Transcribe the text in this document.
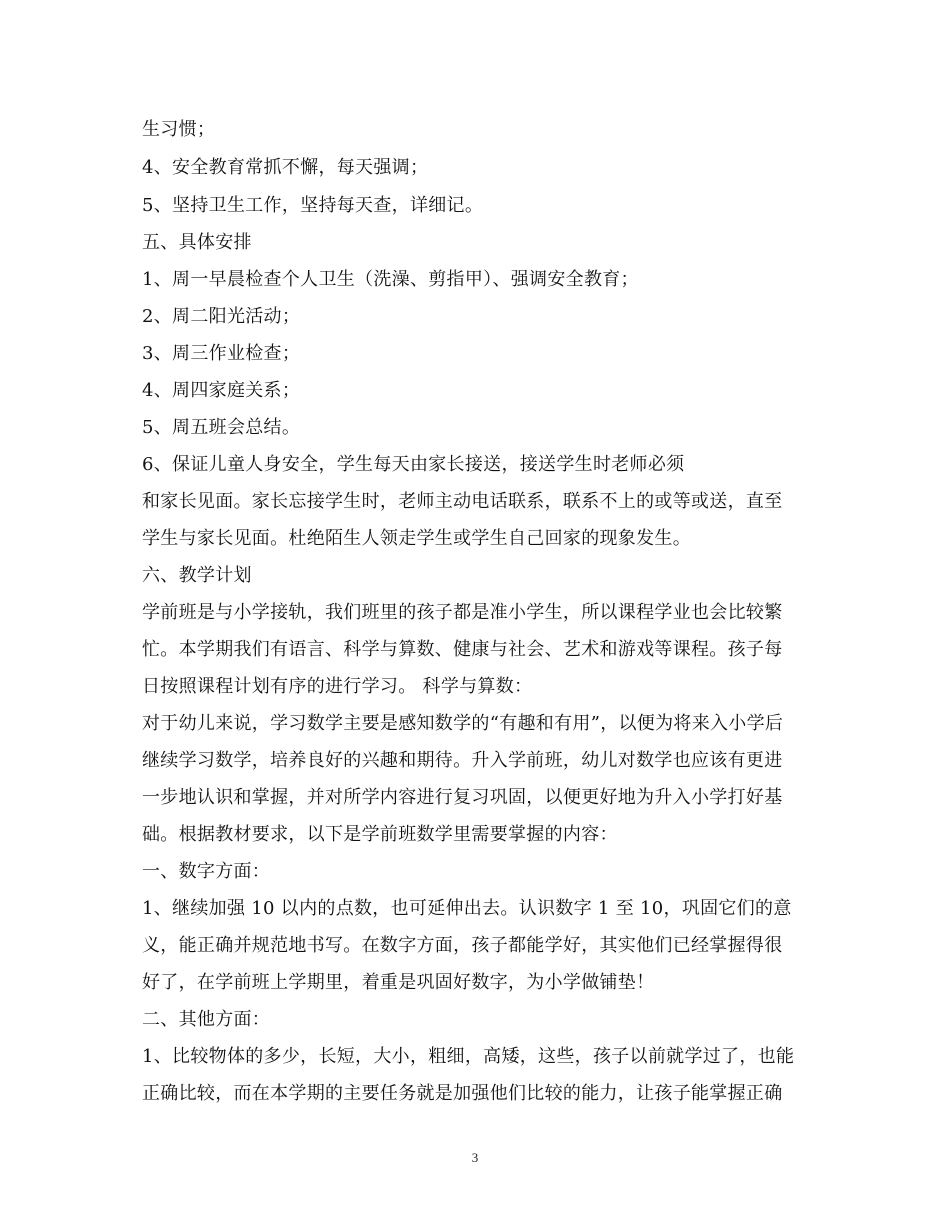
生习惯；
4、安全教育常抓不懈，每天强调；
5、坚持卫生工作，坚持每天查，详细记。
五、具体安排
1、周一早晨检查个人卫生（洗澡、剪指甲）、强调安全教育；
2、周二阳光活动；
3、周三作业检查；
4、周四家庭关系；
5、周五班会总结。
6、保证儿童人身安全，学生每天由家长接送，接送学生时老师必须
和家长见面。家长忘接学生时，老师主动电话联系，联系不上的或等或送，直至
学生与家长见面。杜绝陌生人领走学生或学生自己回家的现象发生。
六、教学计划
学前班是与小学接轨，我们班里的孩子都是准小学生，所以课程学业也会比较繁
忙。本学期我们有语言、科学与算数、健康与社会、艺术和游戏等课程。孩子每
日按照课程计划有序的进行学习。 科学与算数：
对于幼儿来说，学习数学主要是感知数学的“有趣和有用”，以便为将来入小学后
继续学习数学，培养良好的兴趣和期待。升入学前班，幼儿对数学也应该有更进
一步地认识和掌握，并对所学内容进行复习巩固，以便更好地为升入小学打好基
础。根据教材要求，以下是学前班数学里需要掌握的内容：
一、数字方面：
1、继续加强 10 以内的点数，也可延伸出去。认识数字 1 至 10，巩固它们的意
义，能正确并规范地书写。在数字方面，孩子都能学好，其实他们已经掌握得很
好了，在学前班上学期里，着重是巩固好数字，为小学做铺垫！
二、其他方面：
1、比较物体的多少，长短，大小，粗细，高矮，这些，孩子以前就学过了，也能
正确比较，而在本学期的主要任务就是加强他们比较的能力，让孩子能掌握正确
3
